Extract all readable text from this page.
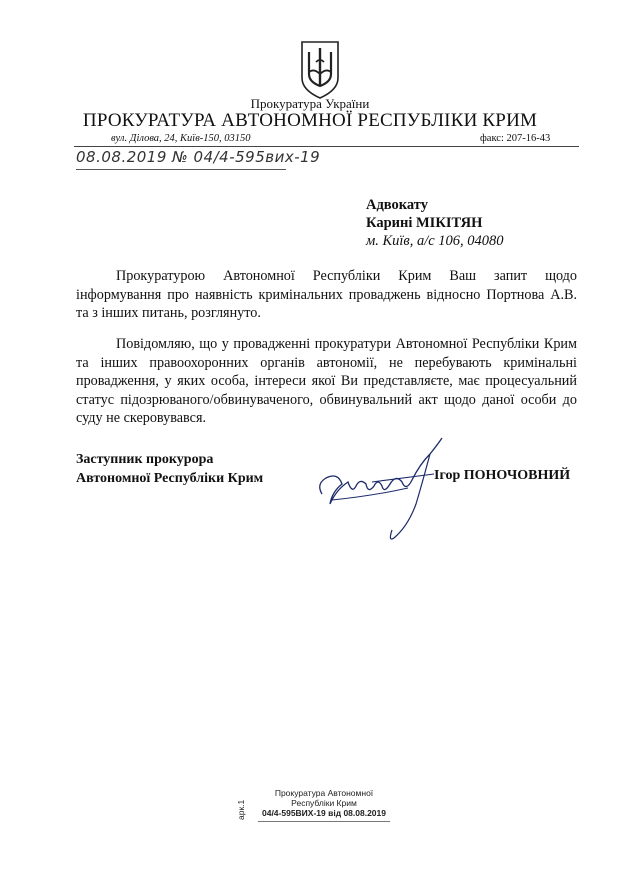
Прокуратура України
ПРОКУРАТУРА АВТОНОМНОЇ РЕСПУБЛІКИ КРИМ
вул. Ділова, 24, Київ-150, 03150	факс: 207-16-43
08.08.2019 № 04/4-595вих-19
Адвокату
Карині МІКІТЯН
м. Київ, а/с 106, 04080
Прокуратурою Автономної Республіки Крим Ваш запит щодо
інформування про наявність кримінальних проваджень відносно Портнова А.В.
та з інших питань, розглянуто.
Повідомляю, що у провадженні прокуратури Автономної Республіки Крим
та інших правоохоронних органів автономії, не перебувають кримінальні
провадження, у яких особа, інтереси якої Ви представляєте, має процесуальний
статус підозрюваного/обвинуваченого, обвинувальний акт щодо даної особи до
суду не скеровувався.
Заступник прокурора
Автономної Республіки Крим	Ігор ПОНОЧОВНИЙ
Прокуратура Автономної
Республіки Крим
04/4-595ВИХ-19 від 08.08.2019
арк.1
